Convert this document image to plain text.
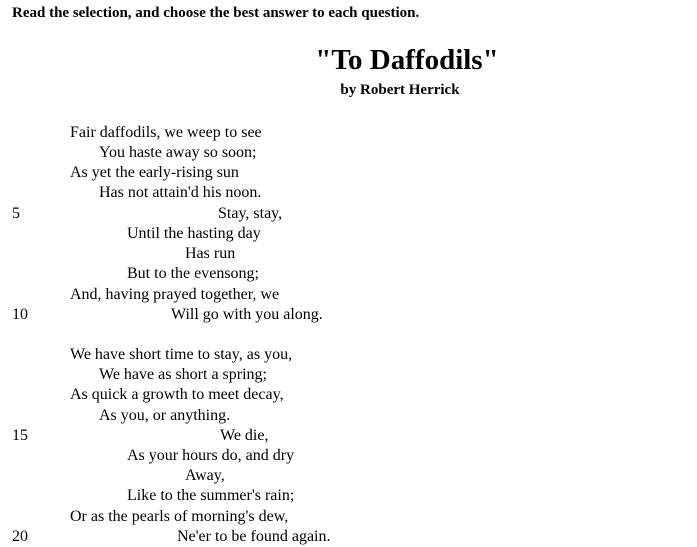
Read the selection, and choose the best answer to each question.
"To Daffodils"
by Robert Herrick
Fair daffodils, we weep to see
You haste away so soon;
As yet the early-rising sun
Has not attain'd his noon.
Stay, stay,
Until the hasting day
Has run
But to the evensong;
And, having prayed together, we
Will go with you along.
We have short time to stay, as you,
We have as short a spring;
As quick a growth to meet decay,
As you, or anything.
We die,
As your hours do, and dry
Away,
Like to the summer's rain;
Or as the pearls of morning's dew,
Ne'er to be found again.
5
10
15
20
